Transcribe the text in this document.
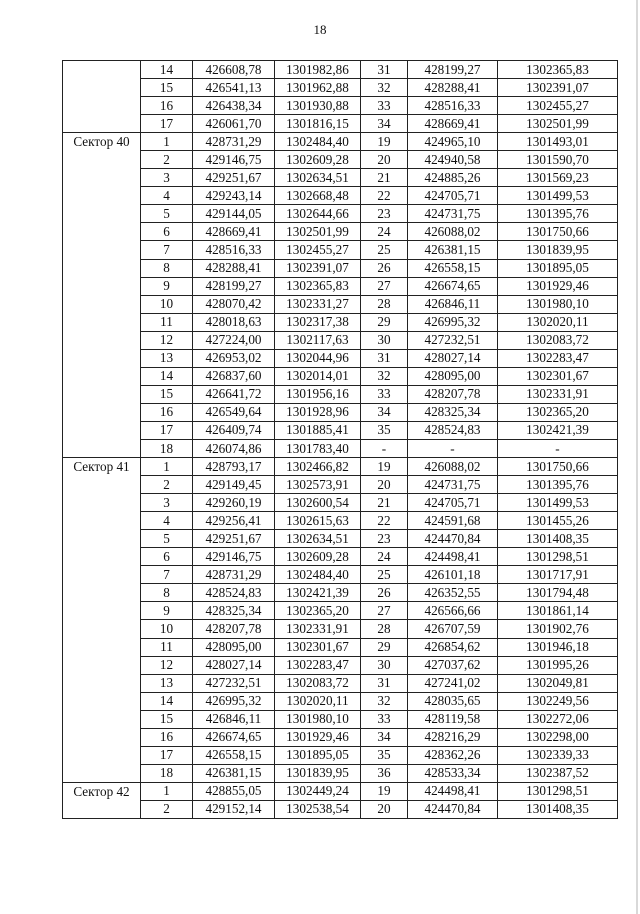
18
	14	426608,78	1301982,86	31	428199,27	1302365,83
	15	426541,13	1301962,88	32	428288,41	1302391,07
	16	426438,34	1301930,88	33	428516,33	1302455,27
	17	426061,70	1301816,15	34	428669,41	1302501,99

Сектор 40	1	428731,29	1302484,40	19	424965,10	1301493,01
	2	429146,75	1302609,28	20	424940,58	1301590,70
	3	429251,67	1302634,51	21	424885,26	1301569,23
	4	429243,14	1302668,48	22	424705,71	1301499,53
	5	429144,05	1302644,66	23	424731,75	1301395,76
	6	428669,41	1302501,99	24	426088,02	1301750,66
	7	428516,33	1302455,27	25	426381,15	1301839,95
	8	428288,41	1302391,07	26	426558,15	1301895,05
	9	428199,27	1302365,83	27	426674,65	1301929,46
	10	428070,42	1302331,27	28	426846,11	1301980,10
	11	428018,63	1302317,38	29	426995,32	1302020,11
	12	427224,00	1302117,63	30	427232,51	1302083,72
	13	426953,02	1302044,96	31	428027,14	1302283,47
	14	426837,60	1302014,01	32	428095,00	1302301,67
	15	426641,72	1301956,16	33	428207,78	1302331,91
	16	426549,64	1301928,96	34	428325,34	1302365,20
	17	426409,74	1301885,41	35	428524,83	1302421,39
	18	426074,86	1301783,40	-	-	-

Сектор 41	1	428793,17	1302466,82	19	426088,02	1301750,66
	2	429149,45	1302573,91	20	424731,75	1301395,76
	3	429260,19	1302600,54	21	424705,71	1301499,53
	4	429256,41	1302615,63	22	424591,68	1301455,26
	5	429251,67	1302634,51	23	424470,84	1301408,35
	6	429146,75	1302609,28	24	424498,41	1301298,51
	7	428731,29	1302484,40	25	426101,18	1301717,91
	8	428524,83	1302421,39	26	426352,55	1301794,48
	9	428325,34	1302365,20	27	426566,66	1301861,14
	10	428207,78	1302331,91	28	426707,59	1301902,76
	11	428095,00	1302301,67	29	426854,62	1301946,18
	12	428027,14	1302283,47	30	427037,62	1301995,26
	13	427232,51	1302083,72	31	427241,02	1302049,81
	14	426995,32	1302020,11	32	428035,65	1302249,56
	15	426846,11	1301980,10	33	428119,58	1302272,06
	16	426674,65	1301929,46	34	428216,29	1302298,00
	17	426558,15	1301895,05	35	428362,26	1302339,33
	18	426381,15	1301839,95	36	428533,34	1302387,52

Сектор 42	1	428855,05	1302449,24	19	424498,41	1301298,51
	2	429152,14	1302538,54	20	424470,84	1301408,35
